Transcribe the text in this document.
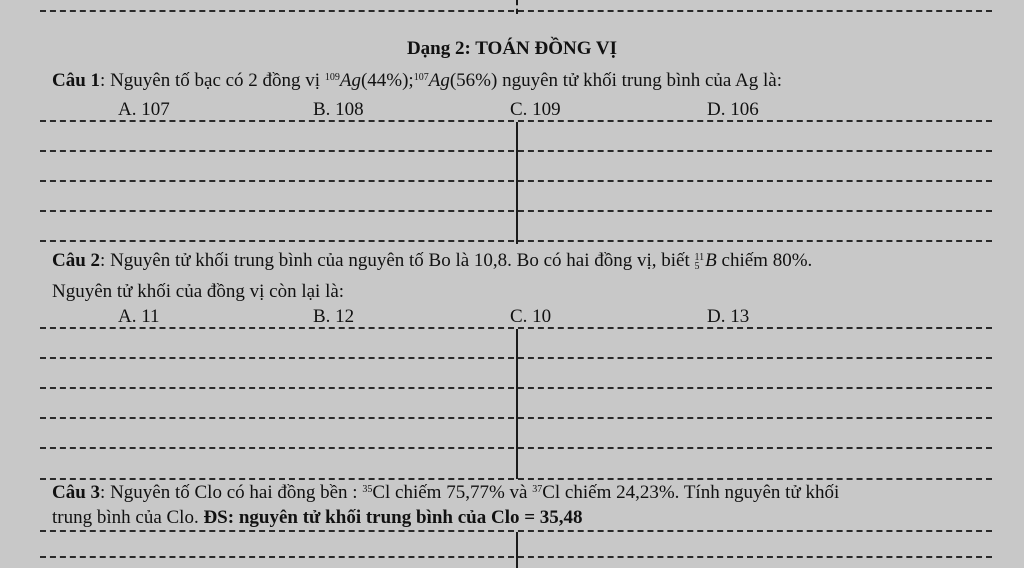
Dạng 2: TOÁN ĐỒNG VỊ
Câu 1: Nguyên tố bạc có 2 đồng vị $^{109}$Ag(44%);$^{107}$Ag(56%) nguyên tử khối trung bình của Ag là:
A. 107	B. 108	C. 109	D. 106
Câu 2: Nguyên tử khối trung bình của nguyên tố Bo là 10,8. Bo có hai đồng vị, biết 11
5 B chiếm 80%.
Nguyên tử khối của đồng vị còn lại là:
A. 11	B. 12	C. 10	D. 13
Câu 3: Nguyên tố Clo có hai đồng bền : $^{35}$Cl chiếm 75,77% và $^{37}$Cl chiếm 24,23%. Tính nguyên tử khối
trung bình của Clo. ĐS: nguyên tử khối trung bình của Clo = 35,48
